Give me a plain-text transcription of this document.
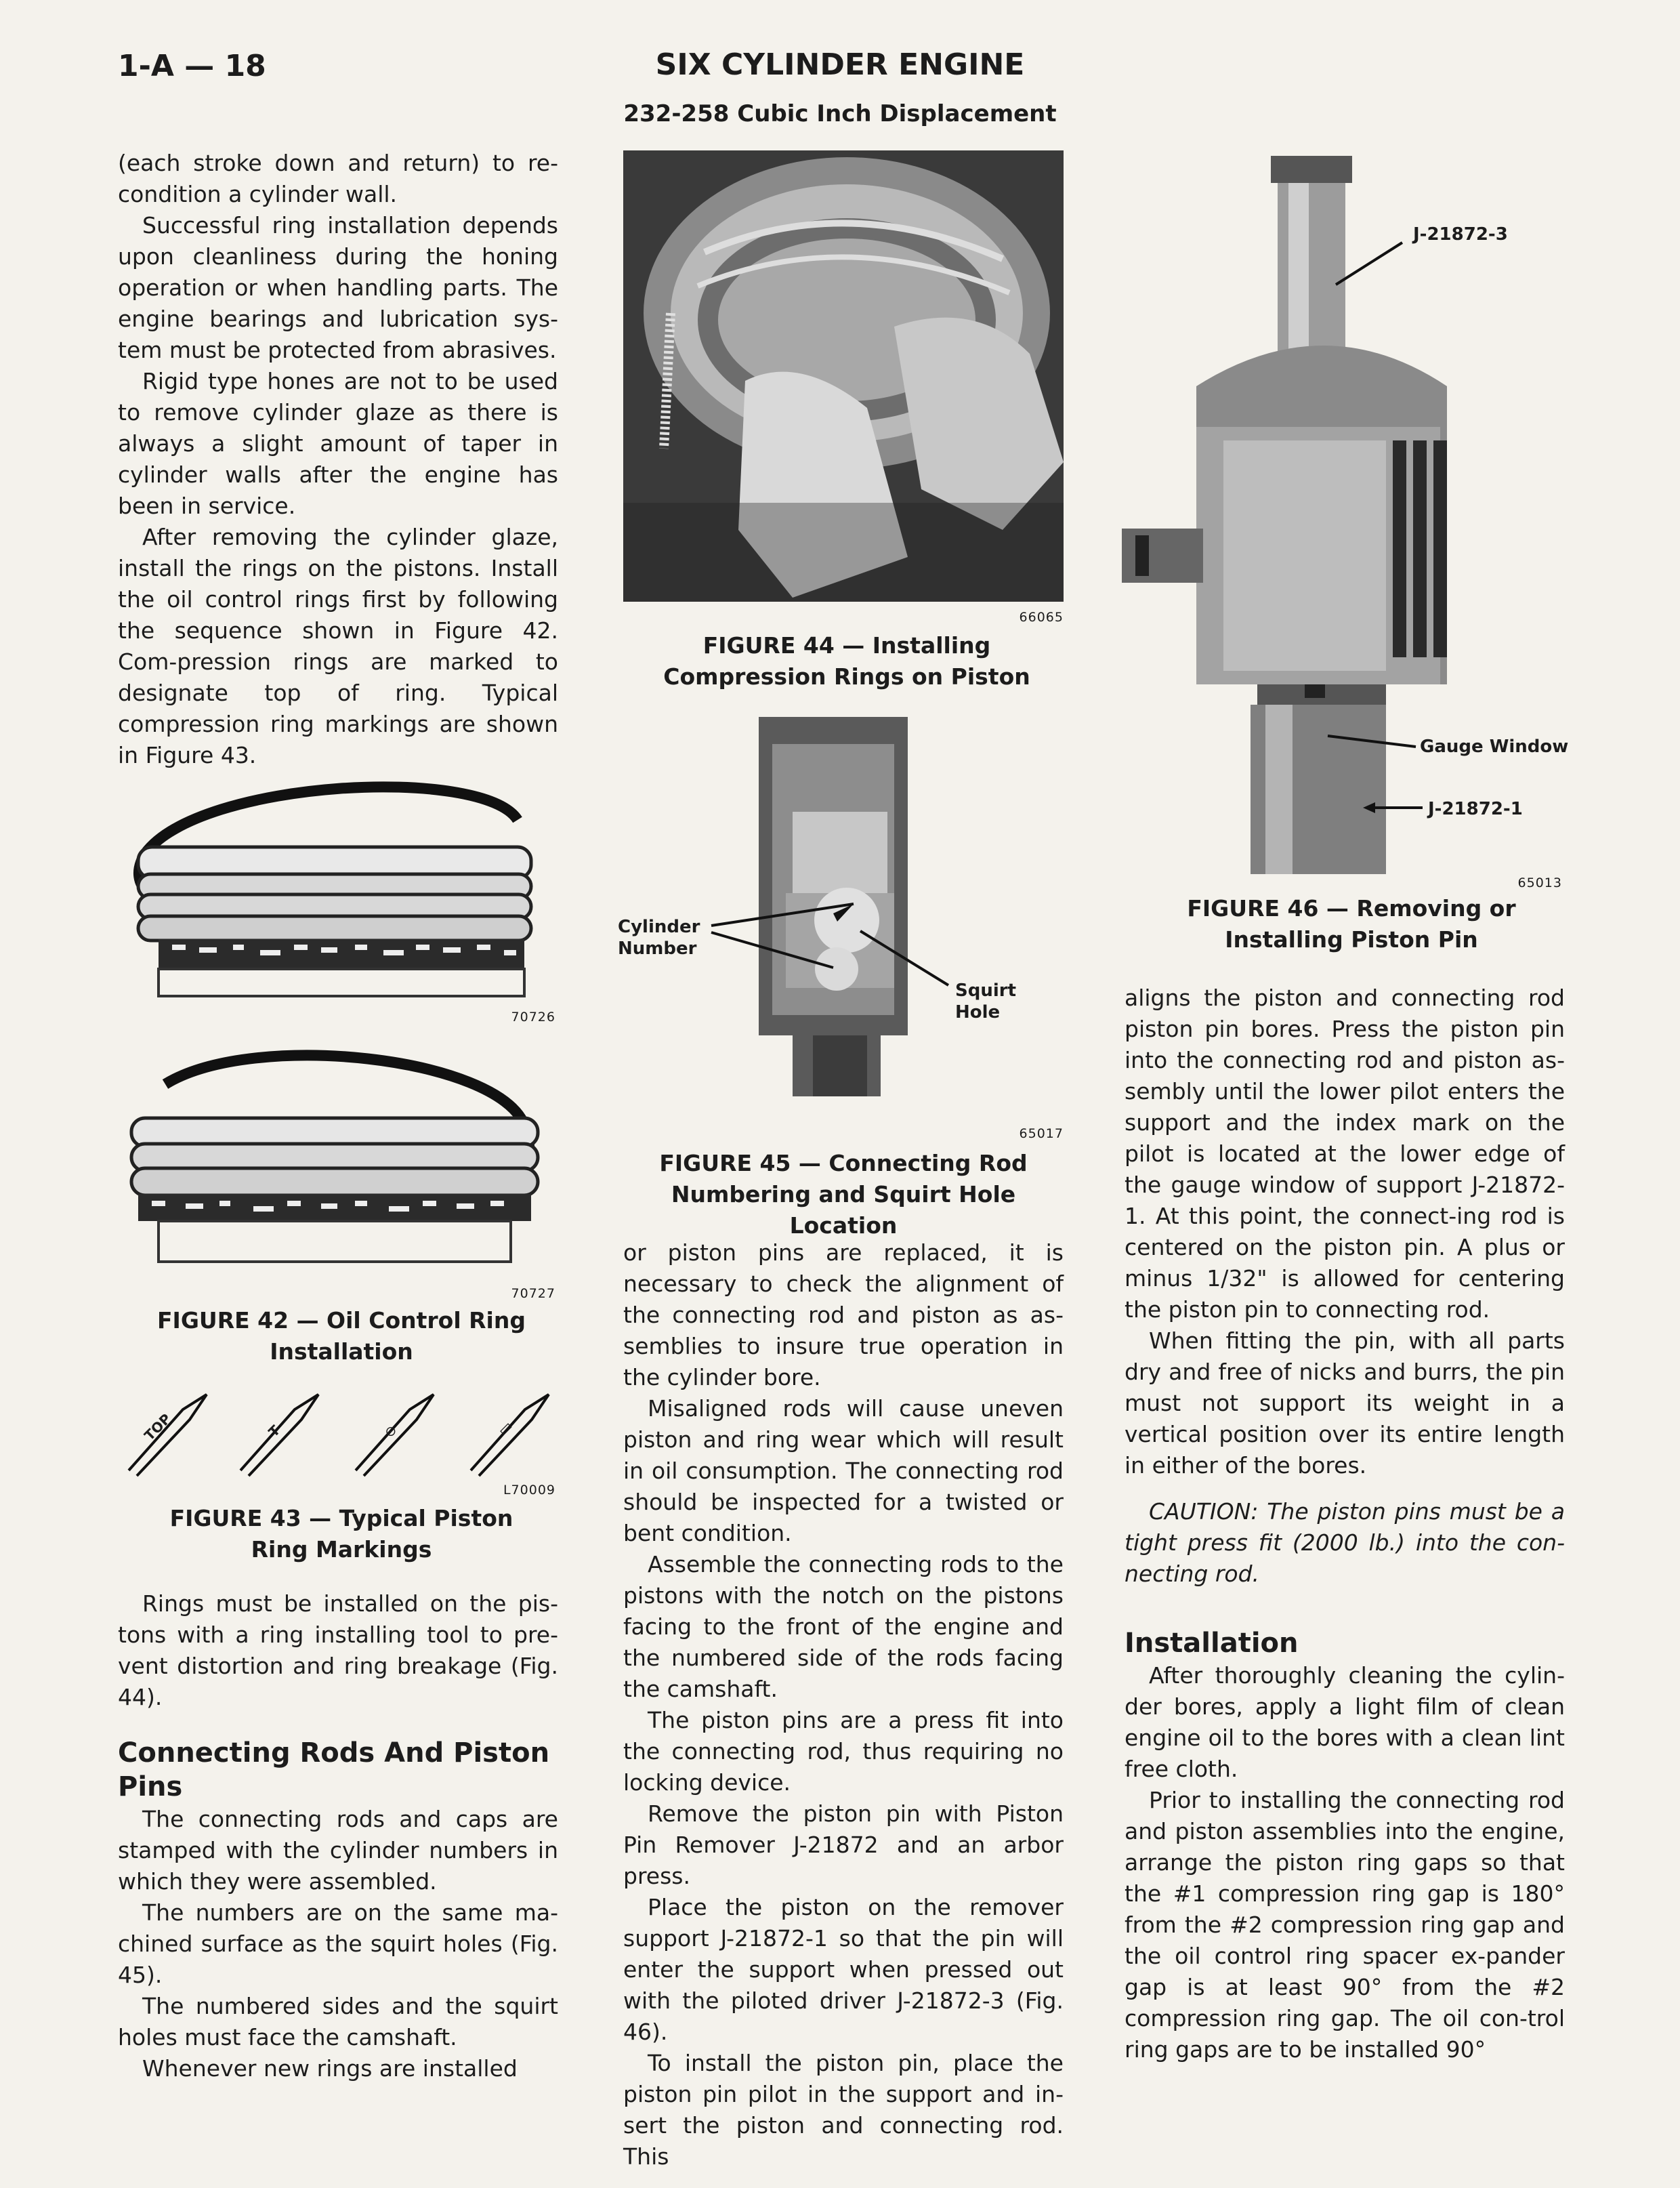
1-A — 18	SIX CYLINDER ENGINE
232-258 Cubic Inch Displacement

(each stroke down and return) to re-condition a cylinder wall.

Successful ring installation depends upon cleanliness during the honing operation or when handling parts. The engine bearings and lubrication sys-tem must be protected from abrasives.

Rigid type hones are not to be used to remove cylinder glaze as there is always a slight amount of taper in cylinder walls after the engine has been in service.

After removing the cylinder glaze, install the rings on the pistons. Install the oil control rings first by following the sequence shown in Figure 42. Com-pression rings are marked to designate top of ring. Typical compression ring markings are shown in Figure 43.

70726
70727
FIGURE 42 — Oil Control Ring Installation
TOP	T	⊙	▭
L70009
FIGURE 43 — Typical Piston Ring Markings

Rings must be installed on the pis-tons with a ring installing tool to pre-vent distortion and ring breakage (Fig. 44).

Connecting Rods And Piston Pins

The connecting rods and caps are stamped with the cylinder numbers in which they were assembled.

The numbers are on the same ma-chined surface as the squirt holes (Fig. 45).

The numbered sides and the squirt holes must face the camshaft.

Whenever new rings are installed

66065
FIGURE 44 — Installing Compression Rings on Piston
Cylinder Number
Squirt Hole
65017
FIGURE 45 — Connecting Rod Numbering and Squirt Hole Location

or piston pins are replaced, it is necessary to check the alignment of the connecting rod and piston as as-semblies to insure true operation in the cylinder bore.

Misaligned rods will cause uneven piston and ring wear which will result in oil consumption. The connecting rod should be inspected for a twisted or bent condition.

Assemble the connecting rods to the pistons with the notch on the pistons facing to the front of the engine and the numbered side of the rods facing the camshaft.

The piston pins are a press fit into the connecting rod, thus requiring no locking device.

Remove the piston pin with Piston Pin Remover J-21872 and an arbor press.

Place the piston on the remover support J-21872-1 so that the pin will enter the support when pressed out with the piloted driver J-21872-3 (Fig. 46).

To install the piston pin, place the piston pin pilot in the support and in-sert the piston and connecting rod. This

J-21872-3
Gauge Window
J-21872-1
65013
FIGURE 46 — Removing or Installing Piston Pin

aligns the piston and connecting rod piston pin bores. Press the piston pin into the connecting rod and piston as-sembly until the lower pilot enters the support and the index mark on the pilot is located at the lower edge of the gauge window of support J-21872-1. At this point, the connect-ing rod is centered on the piston pin. A plus or minus 1/32" is allowed for centering the piston pin to connecting rod.

When fitting the pin, with all parts dry and free of nicks and burrs, the pin must not support its weight in a vertical position over its entire length in either of the bores.

CAUTION: The piston pins must be a tight press fit (2000 lb.) into the con-necting rod.

Installation

After thoroughly cleaning the cylin-der bores, apply a light film of clean engine oil to the bores with a clean lint free cloth.

Prior to installing the connecting rod and piston assemblies into the engine, arrange the piston ring gaps so that the #1 compression ring gap is 180° from the #2 compression ring gap and the oil control ring spacer ex-pander gap is at least 90° from the #2 compression ring gap. The oil con-trol ring gaps are to be installed 90°
